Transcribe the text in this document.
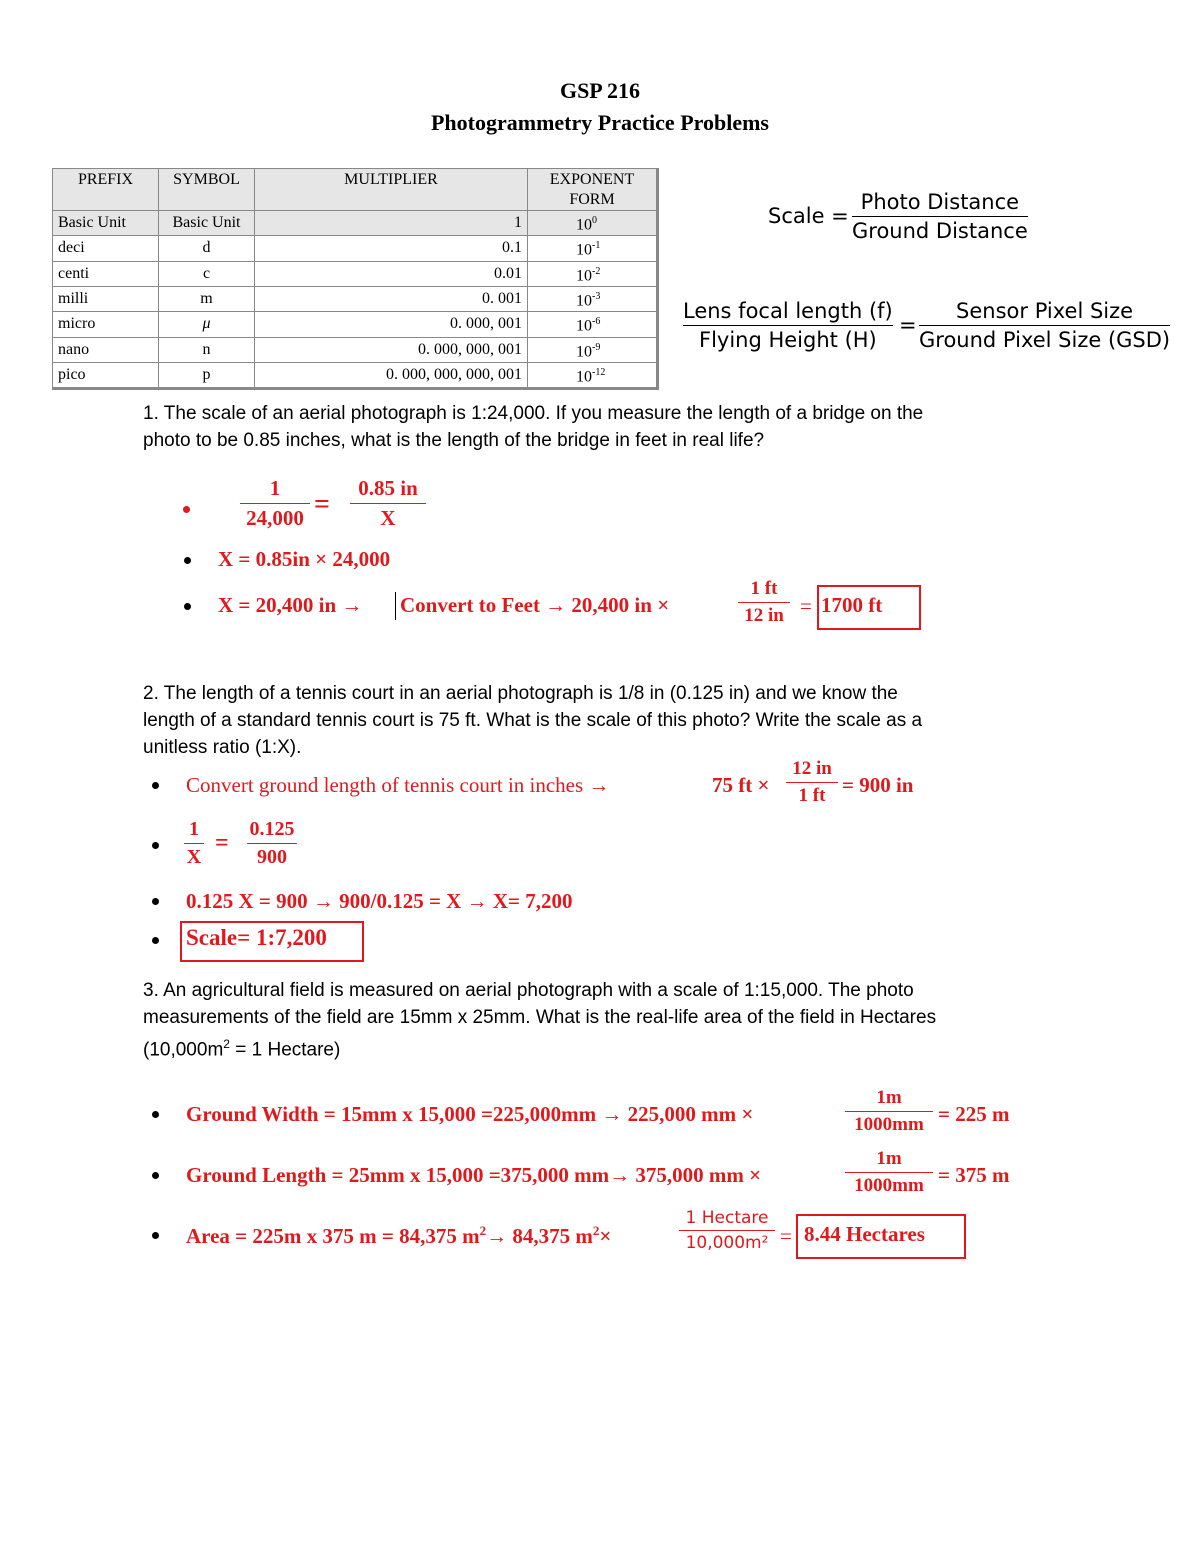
GSP 216
Photogrammetry Practice Problems
PREFIX	SYMBOL	MULTIPLIER	EXPONENT FORM
Basic Unit	Basic Unit	1	$10^0$
deci	d	0.1	$10^{-1}$
centi	c	0.01	$10^{-2}$
milli	m	0. 001	$10^{-3}$
micro	μ	0. 000, 001	$10^{-6}$
nano	n	0. 000, 000, 001	$10^{-9}$
pico	p	0. 000, 000, 000, 001	$10^{-12}$
Scale =
Photo Distance
Ground Distance
Lens focal length (f)
Flying Height (H)
=
Sensor Pixel Size
Ground Pixel Size (GSD)
1. The scale of an aerial photograph is 1:24,000. If you measure the length of a bridge on the
photo to be 0.85 inches, what is the length of the bridge in feet in real life?
1
24,000 =
0.85 in
X
X = 0.85in × 24,000
X = 20,400 in → Convert to Feet → 20,400 in ×
1 ft
12 in = 1700 ft
2. The length of a tennis court in an aerial photograph is 1/8 in (0.125 in) and we know the
length of a standard tennis court is 75 ft. What is the scale of this photo? Write the scale as a
unitless ratio (1:X).
Convert ground length of tennis court in inches →	75 ft ×
12 in
1 ft = 900 in
1
X
=
0.125
900
0.125 X = 900 → 900/0.125 = X → X= 7,200
Scale= 1:7,200
3. An agricultural field is measured on aerial photograph with a scale of 1:15,000. The photo
measurements of the field are 15mm x 25mm. What is the real-life area of the field in Hectares
($10,000m^2 = 1$ Hectare)
Ground Width = 15mm x 15,000 =225,000mm → 225,000 mm ×
1m
1000mm = 225 m
Ground Length = 25mm x 15,000 =375,000 mm→ 375,000 mm ×
1m
1000mm = 375 m
Area = 225m x 375 m = 84,375 $m^2\to 84,375$ $m^2\times$
1 Hectare
10,000m² = 8.44 Hectares
